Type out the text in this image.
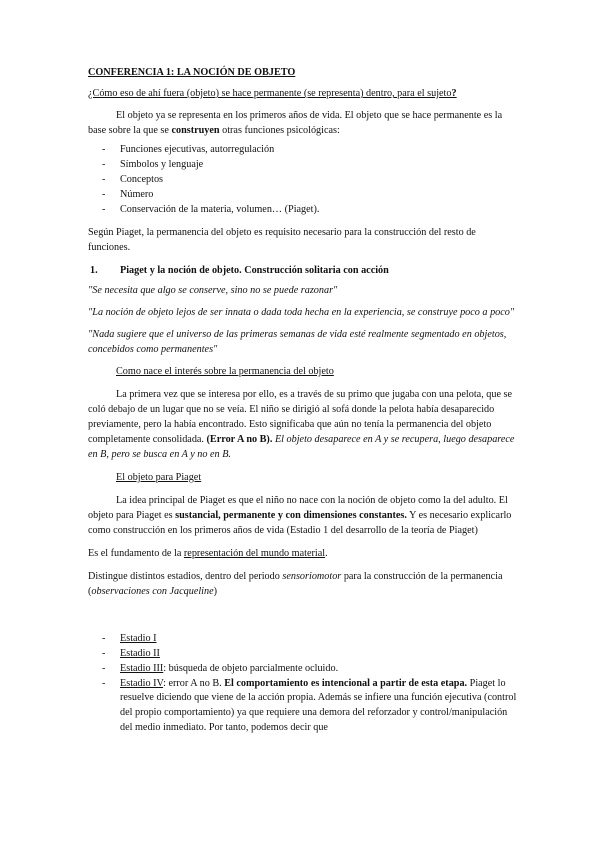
CONFERENCIA 1: LA NOCIÓN DE OBJETO

¿Cómo eso de ahí fuera (objeto) se hace permanente (se representa) dentro, para el sujeto?

El objeto ya se representa en los primeros años de vida. El objeto que se hace permanente es la base sobre la que se construyen otras funciones psicológicas:

- Funciones ejecutivas, autorregulación
- Símbolos y lenguaje
- Conceptos
- Número
- Conservación de la materia, volumen… (Piaget).

Según Piaget, la permanencia del objeto es requisito necesario para la construcción del resto de funciones.

1. Piaget y la noción de objeto. Construcción solitaria con acción

"Se necesita que algo se conserve, sino no se puede razonar"

"La noción de objeto lejos de ser innata o dada toda hecha en la experiencia, se construye poco a poco"

"Nada sugiere que el universo de las primeras semanas de vida esté realmente segmentado en objetos, concebidos como permanentes"

Como nace el interés sobre la permanencia del objeto

La primera vez que se interesa por ello, es a través de su primo que jugaba con una pelota, que se coló debajo de un lugar que no se veía. El niño se dirigió al sofá donde la pelota había desaparecido previamente, pero la había encontrado. Esto significaba que aún no tenía la permanencia del objeto completamente consolidada. (Error A no B). El objeto desaparece en A y se recupera, luego desaparece en B, pero se busca en A y no en B.

El objeto para Piaget

La idea principal de Piaget es que el niño no nace con la noción de objeto como la del adulto. El objeto para Piaget es sustancial, permanente y con dimensiones constantes. Y es necesario explicarlo como construcción en los primeros años de vida (Estadio 1 del desarrollo de la teoría de Piaget)

Es el fundamento de la representación del mundo material.

Distingue distintos estadios, dentro del periodo sensoriomotor para la construcción de la permanencia (observaciones con Jacqueline)

- Estadio I
- Estadio II
- Estadio III: búsqueda de objeto parcialmente ocluido.
- Estadio IV: error A no B. El comportamiento es intencional a partir de esta etapa. Piaget lo resuelve diciendo que viene de la acción propia. Además se infiere una función ejecutiva (control del propio comportamiento) ya que requiere una demora del reforzador y control/manipulación del medio inmediato. Por tanto, podemos decir que
